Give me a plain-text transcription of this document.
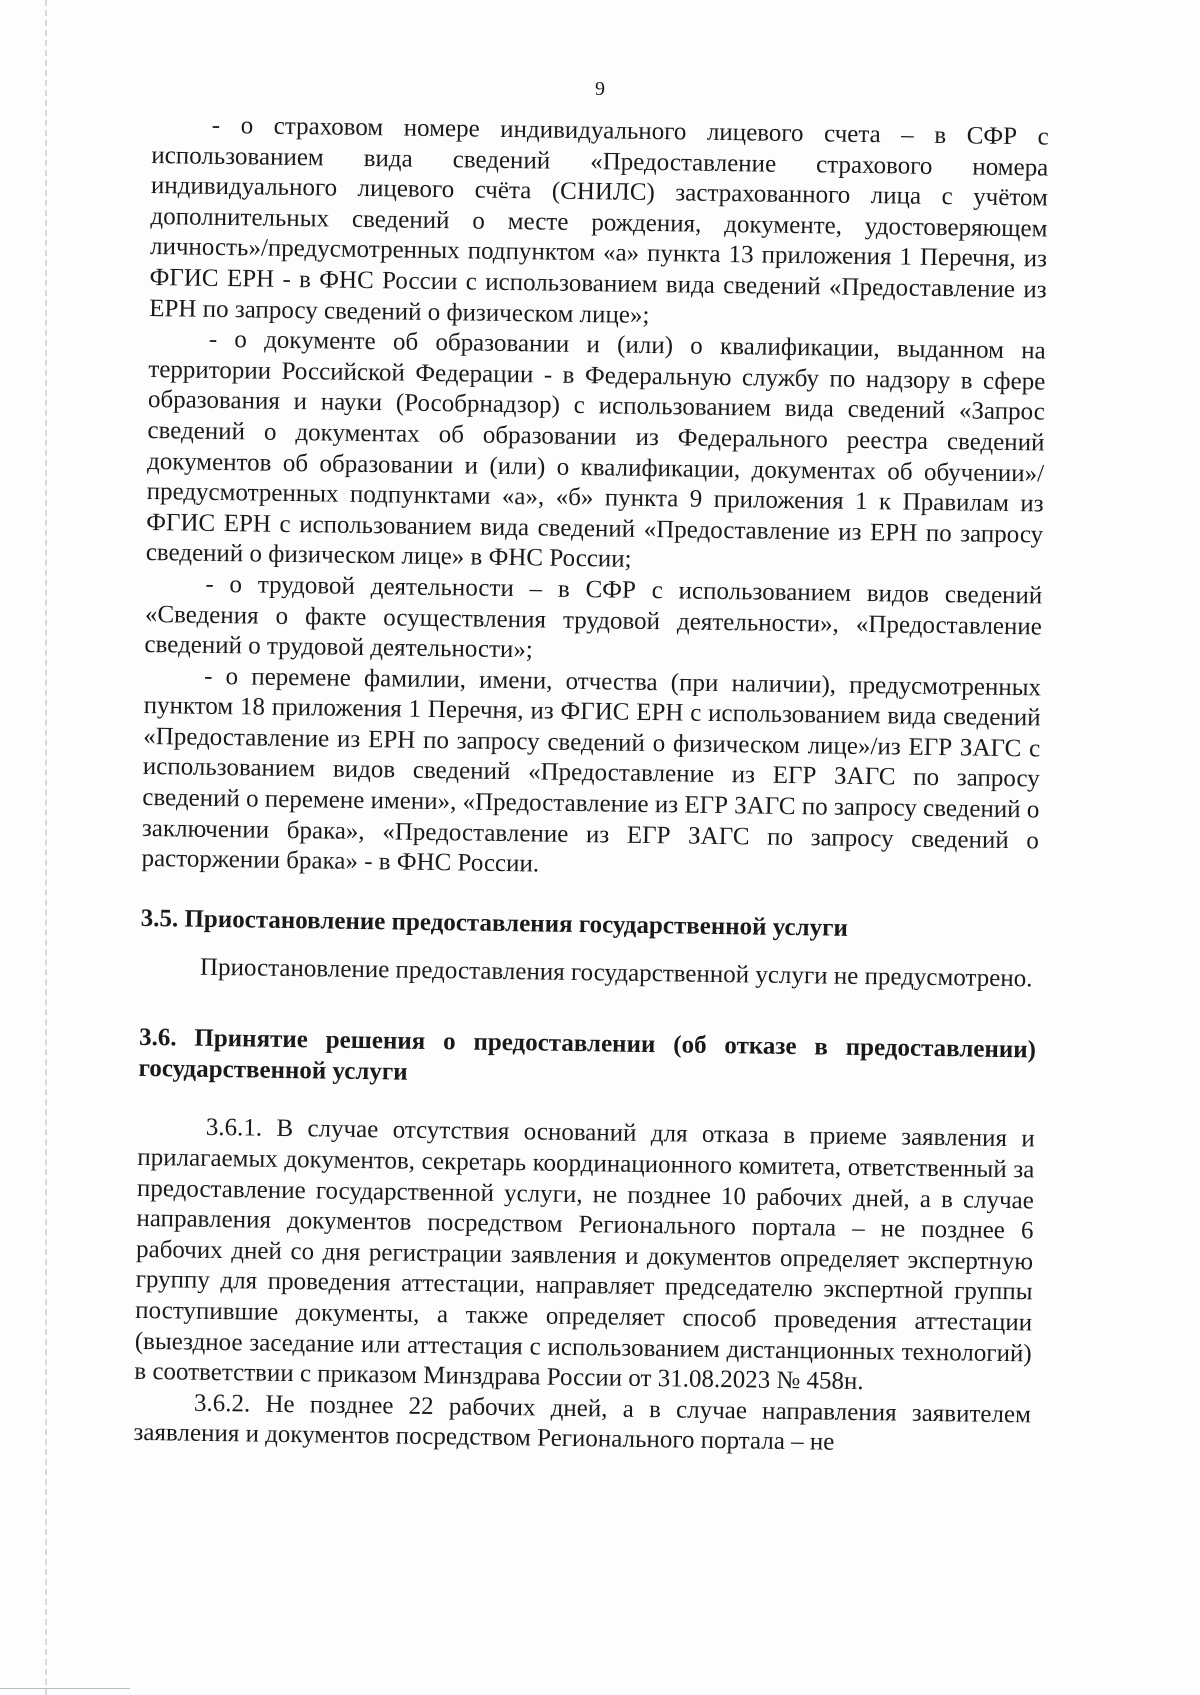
9

- о страховом номере индивидуального лицевого счета – в СФР с использованием вида сведений «Предоставление страхового номера индивидуального лицевого счёта (СНИЛС) застрахованного лица с учётом дополнительных сведений о месте рождения, документе, удостоверяющем личность»/предусмотренных подпунктом «а» пункта 13 приложения 1 Перечня, из ФГИС ЕРН - в ФНС России с использованием вида сведений «Предоставление из ЕРН по запросу сведений о физическом лице»;

- о документе об образовании и (или) о квалификации, выданном на территории Российской Федерации - в Федеральную службу по надзору в сфере образования и науки (Рособрнадзор) с использованием вида сведений «Запрос сведений о документах об образовании из Федерального реестра сведений документов об образовании и (или) о квалификации, документах об обучении»/предусмотренных подпунктами «а», «б» пункта 9 приложения 1 к Правилам из ФГИС ЕРН с использованием вида сведений «Предоставление из ЕРН по запросу сведений о физическом лице» в ФНС России;

- о трудовой деятельности – в СФР с использованием видов сведений «Сведения о факте осуществления трудовой деятельности», «Предоставление сведений о трудовой деятельности»;

- о перемене фамилии, имени, отчества (при наличии), предусмотренных пунктом 18 приложения 1 Перечня, из ФГИС ЕРН с использованием вида сведений «Предоставление из ЕРН по запросу сведений о физическом лице»/из ЕГР ЗАГС с использованием видов сведений «Предоставление из ЕГР ЗАГС по запросу сведений о перемене имени», «Предоставление из ЕГР ЗАГС по запросу сведений о заключении брака», «Предоставление из ЕГР ЗАГС по запросу сведений о расторжении брака» - в ФНС России.

3.5. Приостановление предоставления государственной услуги

Приостановление предоставления государственной услуги не предусмотрено.

3.6. Принятие решения о предоставлении (об отказе в предоставлении) государственной услуги

3.6.1. В случае отсутствия оснований для отказа в приеме заявления и прилагаемых документов, секретарь координационного комитета, ответственный за предоставление государственной услуги, не позднее 10 рабочих дней, а в случае направления документов посредством Регионального портала – не позднее 6 рабочих дней со дня регистрации заявления и документов определяет экспертную группу для проведения аттестации, направляет председателю экспертной группы поступившие документы, а также определяет способ проведения аттестации (выездное заседание или аттестация с использованием дистанционных технологий) в соответствии с приказом Минздрава России от 31.08.2023 № 458н.

3.6.2. Не позднее 22 рабочих дней, а в случае направления заявителем заявления и документов посредством Регионального портала – не
